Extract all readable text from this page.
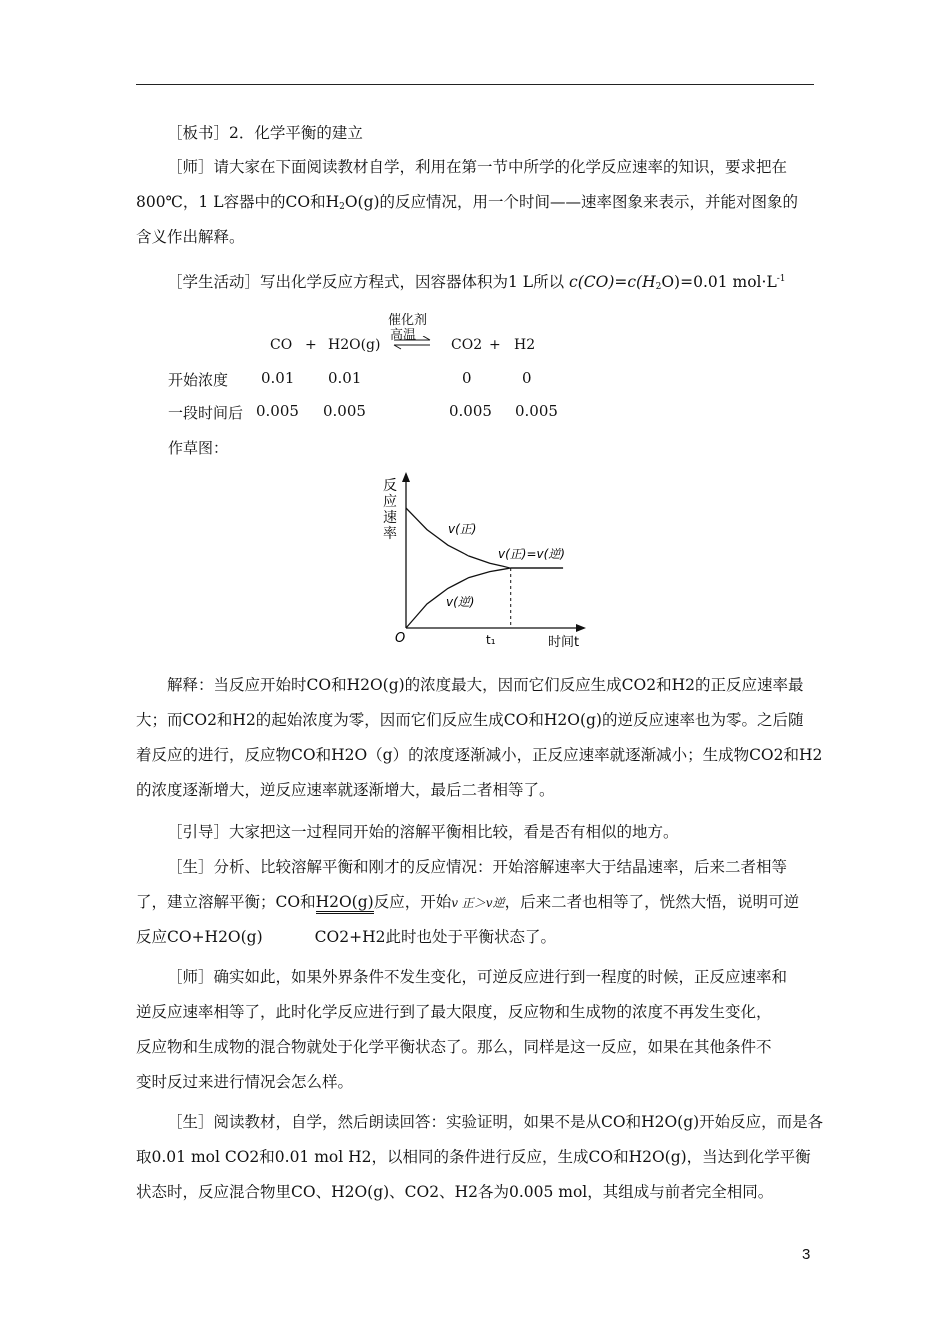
［板书］2．化学平衡的建立
［师］请大家在下面阅读教材自学，利用在第一节中所学的化学反应速率的知识，要求把在
800℃，1 L容器中的CO和$H_2O(g)$的反应情况，用一个时间——速率图象来表示，并能对图象的
含义作出解释。
［学生活动］写出化学反应方程式，因容器体积为1 L所以 $c(CO)=c(H_2O)=0.01$ $mol\cdot L^{-1}$
催化剂
高温
CO + H2O(g)	CO2 + H2
开始浓度 0.01 0.01	0	0
一段时间后 0.005 0.005	0.005 0.005
作草图：
反应速率
时间t
O	t₁
v(正)
v(逆)
v(正)=v(逆)
解释：当反应开始时CO和H2O(g)的浓度最大，因而它们反应生成CO2和H2的正反应速率最
大；而CO2和H2的起始浓度为零，因而它们反应生成CO和H2O(g)的逆反应速率也为零。之后随
着反应的进行，反应物CO和H2O（g）的浓度逐渐减小，正反应速率就逐渐减小；生成物CO2和H2
的浓度逐渐增大，逆反应速率就逐渐增大，最后二者相等了。
［引导］大家把这一过程同开始的溶解平衡相比较，看是否有相似的地方。
［生］分析、比较溶解平衡和刚才的反应情况：开始溶解速率大于结晶速率，后来二者相等
了，建立溶解平衡；CO和H2O(g)反应，开始v 正＞v逆，后来二者也相等了，恍然大悟，说明可逆
反应CO+H2O(g)	CO2+H2此时也处于平衡状态了。
［师］确实如此，如果外界条件不发生变化，可逆反应进行到一程度的时候，正反应速率和
逆反应速率相等了，此时化学反应进行到了最大限度，反应物和生成物的浓度不再发生变化，
反应物和生成物的混合物就处于化学平衡状态了。那么，同样是这一反应，如果在其他条件不
变时反过来进行情况会怎么样。
［生］阅读教材，自学，然后朗读回答：实验证明，如果不是从CO和H2O(g)开始反应，而是各
取0.01 mol CO2和0.01 mol H2，以相同的条件进行反应，生成CO和H2O(g)，当达到化学平衡
状态时，反应混合物里CO、H2O(g)、CO2、H2各为0.005 mol，其组成与前者完全相同。
3
